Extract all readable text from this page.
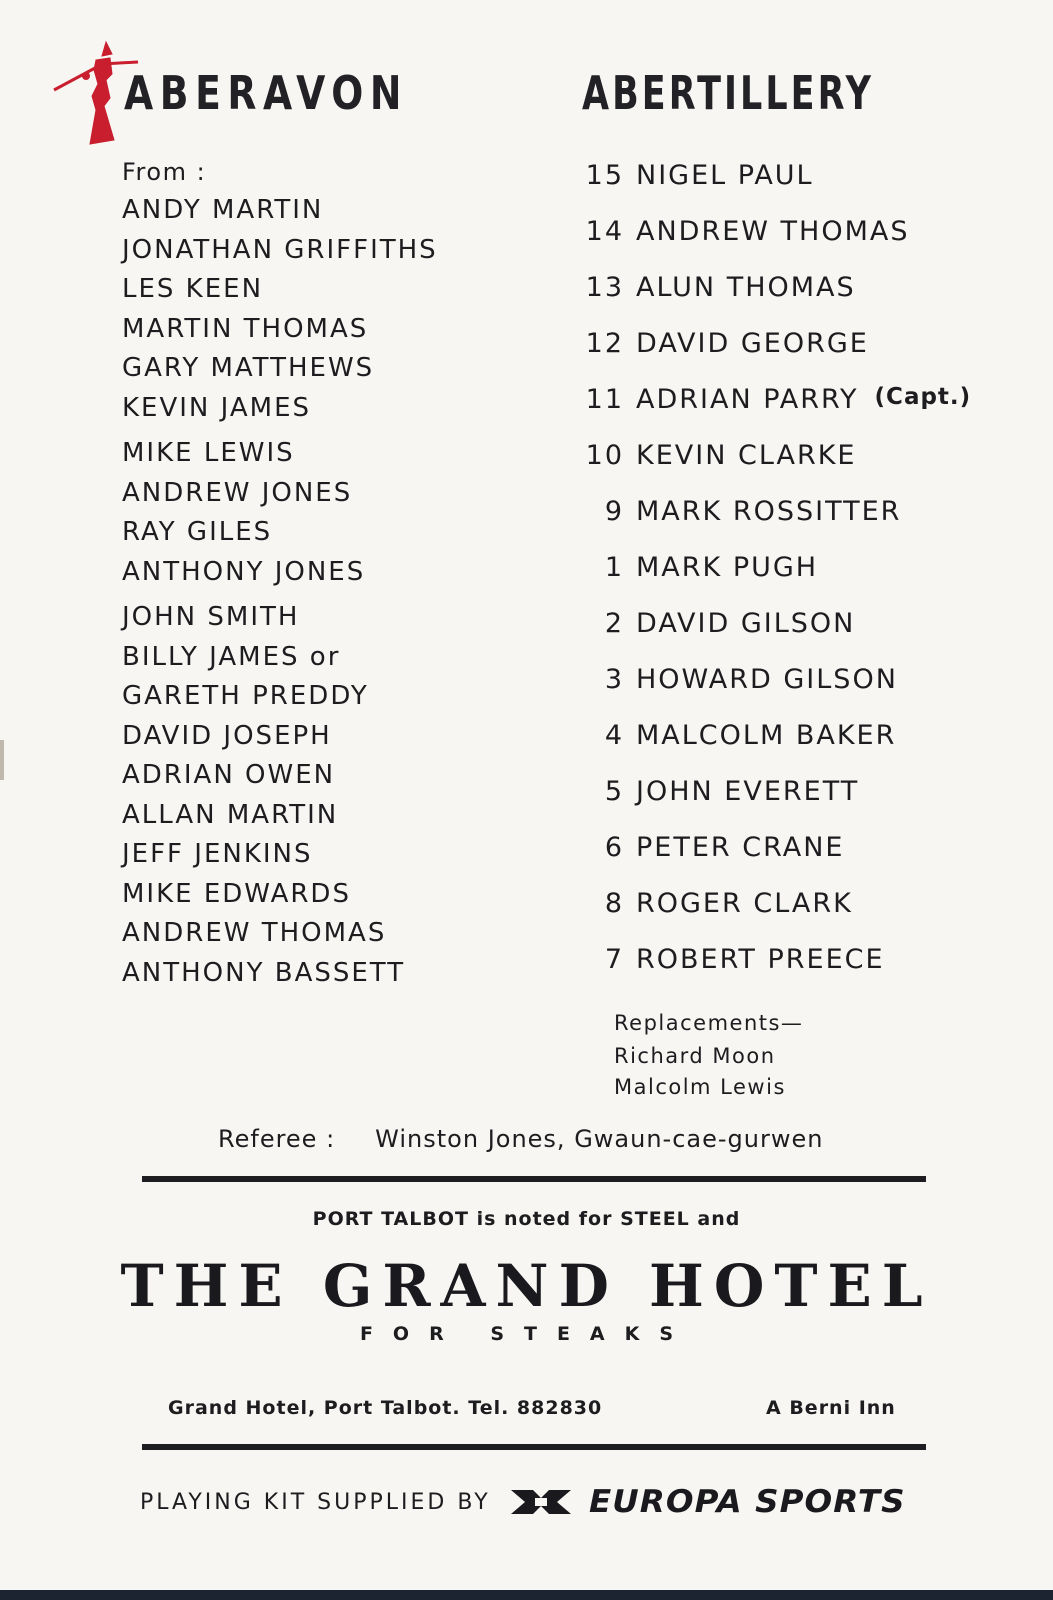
ABERAVON	ABERTILLERY
From :
ANDY MARTIN
JONATHAN GRIFFITHS
LES KEEN
MARTIN THOMAS
GARY MATTHEWS
KEVIN JAMES
MIKE LEWIS
ANDREW JONES
RAY GILES
ANTHONY JONES
JOHN SMITH
BILLY JAMES or
GARETH PREDDY
DAVID JOSEPH
ADRIAN OWEN
ALLAN MARTIN
JEFF JENKINS
MIKE EDWARDS
ANDREW THOMAS
ANTHONY BASSETT
15 NIGEL PAUL
14 ANDREW THOMAS
13 ALUN THOMAS
12 DAVID GEORGE
11 ADRIAN PARRY (Capt.)
10 KEVIN CLARKE
9 MARK ROSSITTER
1 MARK PUGH
2 DAVID GILSON
3 HOWARD GILSON
4 MALCOLM BAKER
5 JOHN EVERETT
6 PETER CRANE
8 ROGER CLARK
7 ROBERT PREECE
Replacements—
Richard Moon
Malcolm Lewis
Referee : Winston Jones, Gwaun-cae-gurwen
PORT TALBOT is noted for STEEL and
THE GRAND HOTEL
FOR STEAKS
Grand Hotel, Port Talbot. Tel. 882830	A Berni Inn
PLAYING KIT SUPPLIED BY	EUROPA SPORTS
